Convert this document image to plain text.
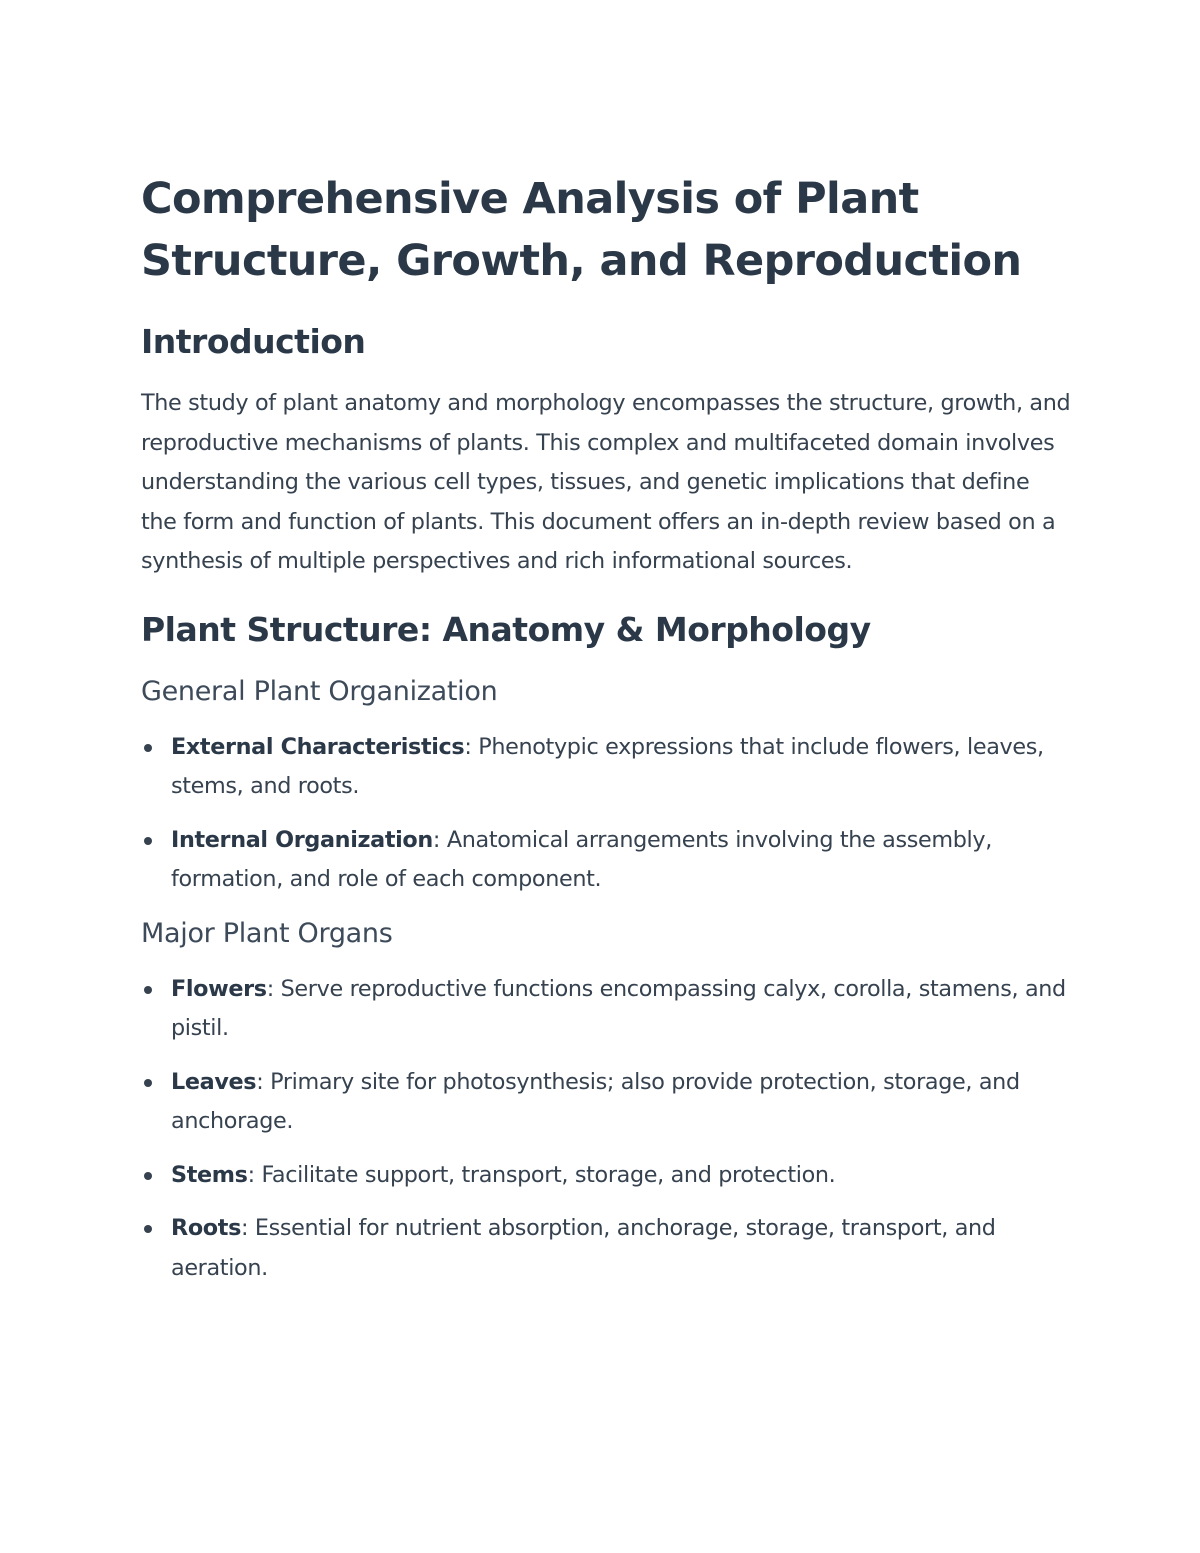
Comprehensive Analysis of Plant Structure, Growth, and Reproduction
Introduction

The study of plant anatomy and morphology encompasses the structure, growth, and reproductive mechanisms of plants. This complex and multifaceted domain involves understanding the various cell types, tissues, and genetic implications that define the form and function of plants. This document offers an in-depth review based on a synthesis of multiple perspectives and rich informational sources.

Plant Structure: Anatomy & Morphology
General Plant Organization
External Characteristics: Phenotypic expressions that include flowers, leaves, stems, and roots.
Internal Organization: Anatomical arrangements involving the assembly, formation, and role of each component.
Major Plant Organs
Flowers: Serve reproductive functions encompassing calyx, corolla, stamens, and pistil.
Leaves: Primary site for photosynthesis; also provide protection, storage, and anchorage.
Stems: Facilitate support, transport, storage, and protection.
Roots: Essential for nutrient absorption, anchorage, storage, transport, and aeration.
